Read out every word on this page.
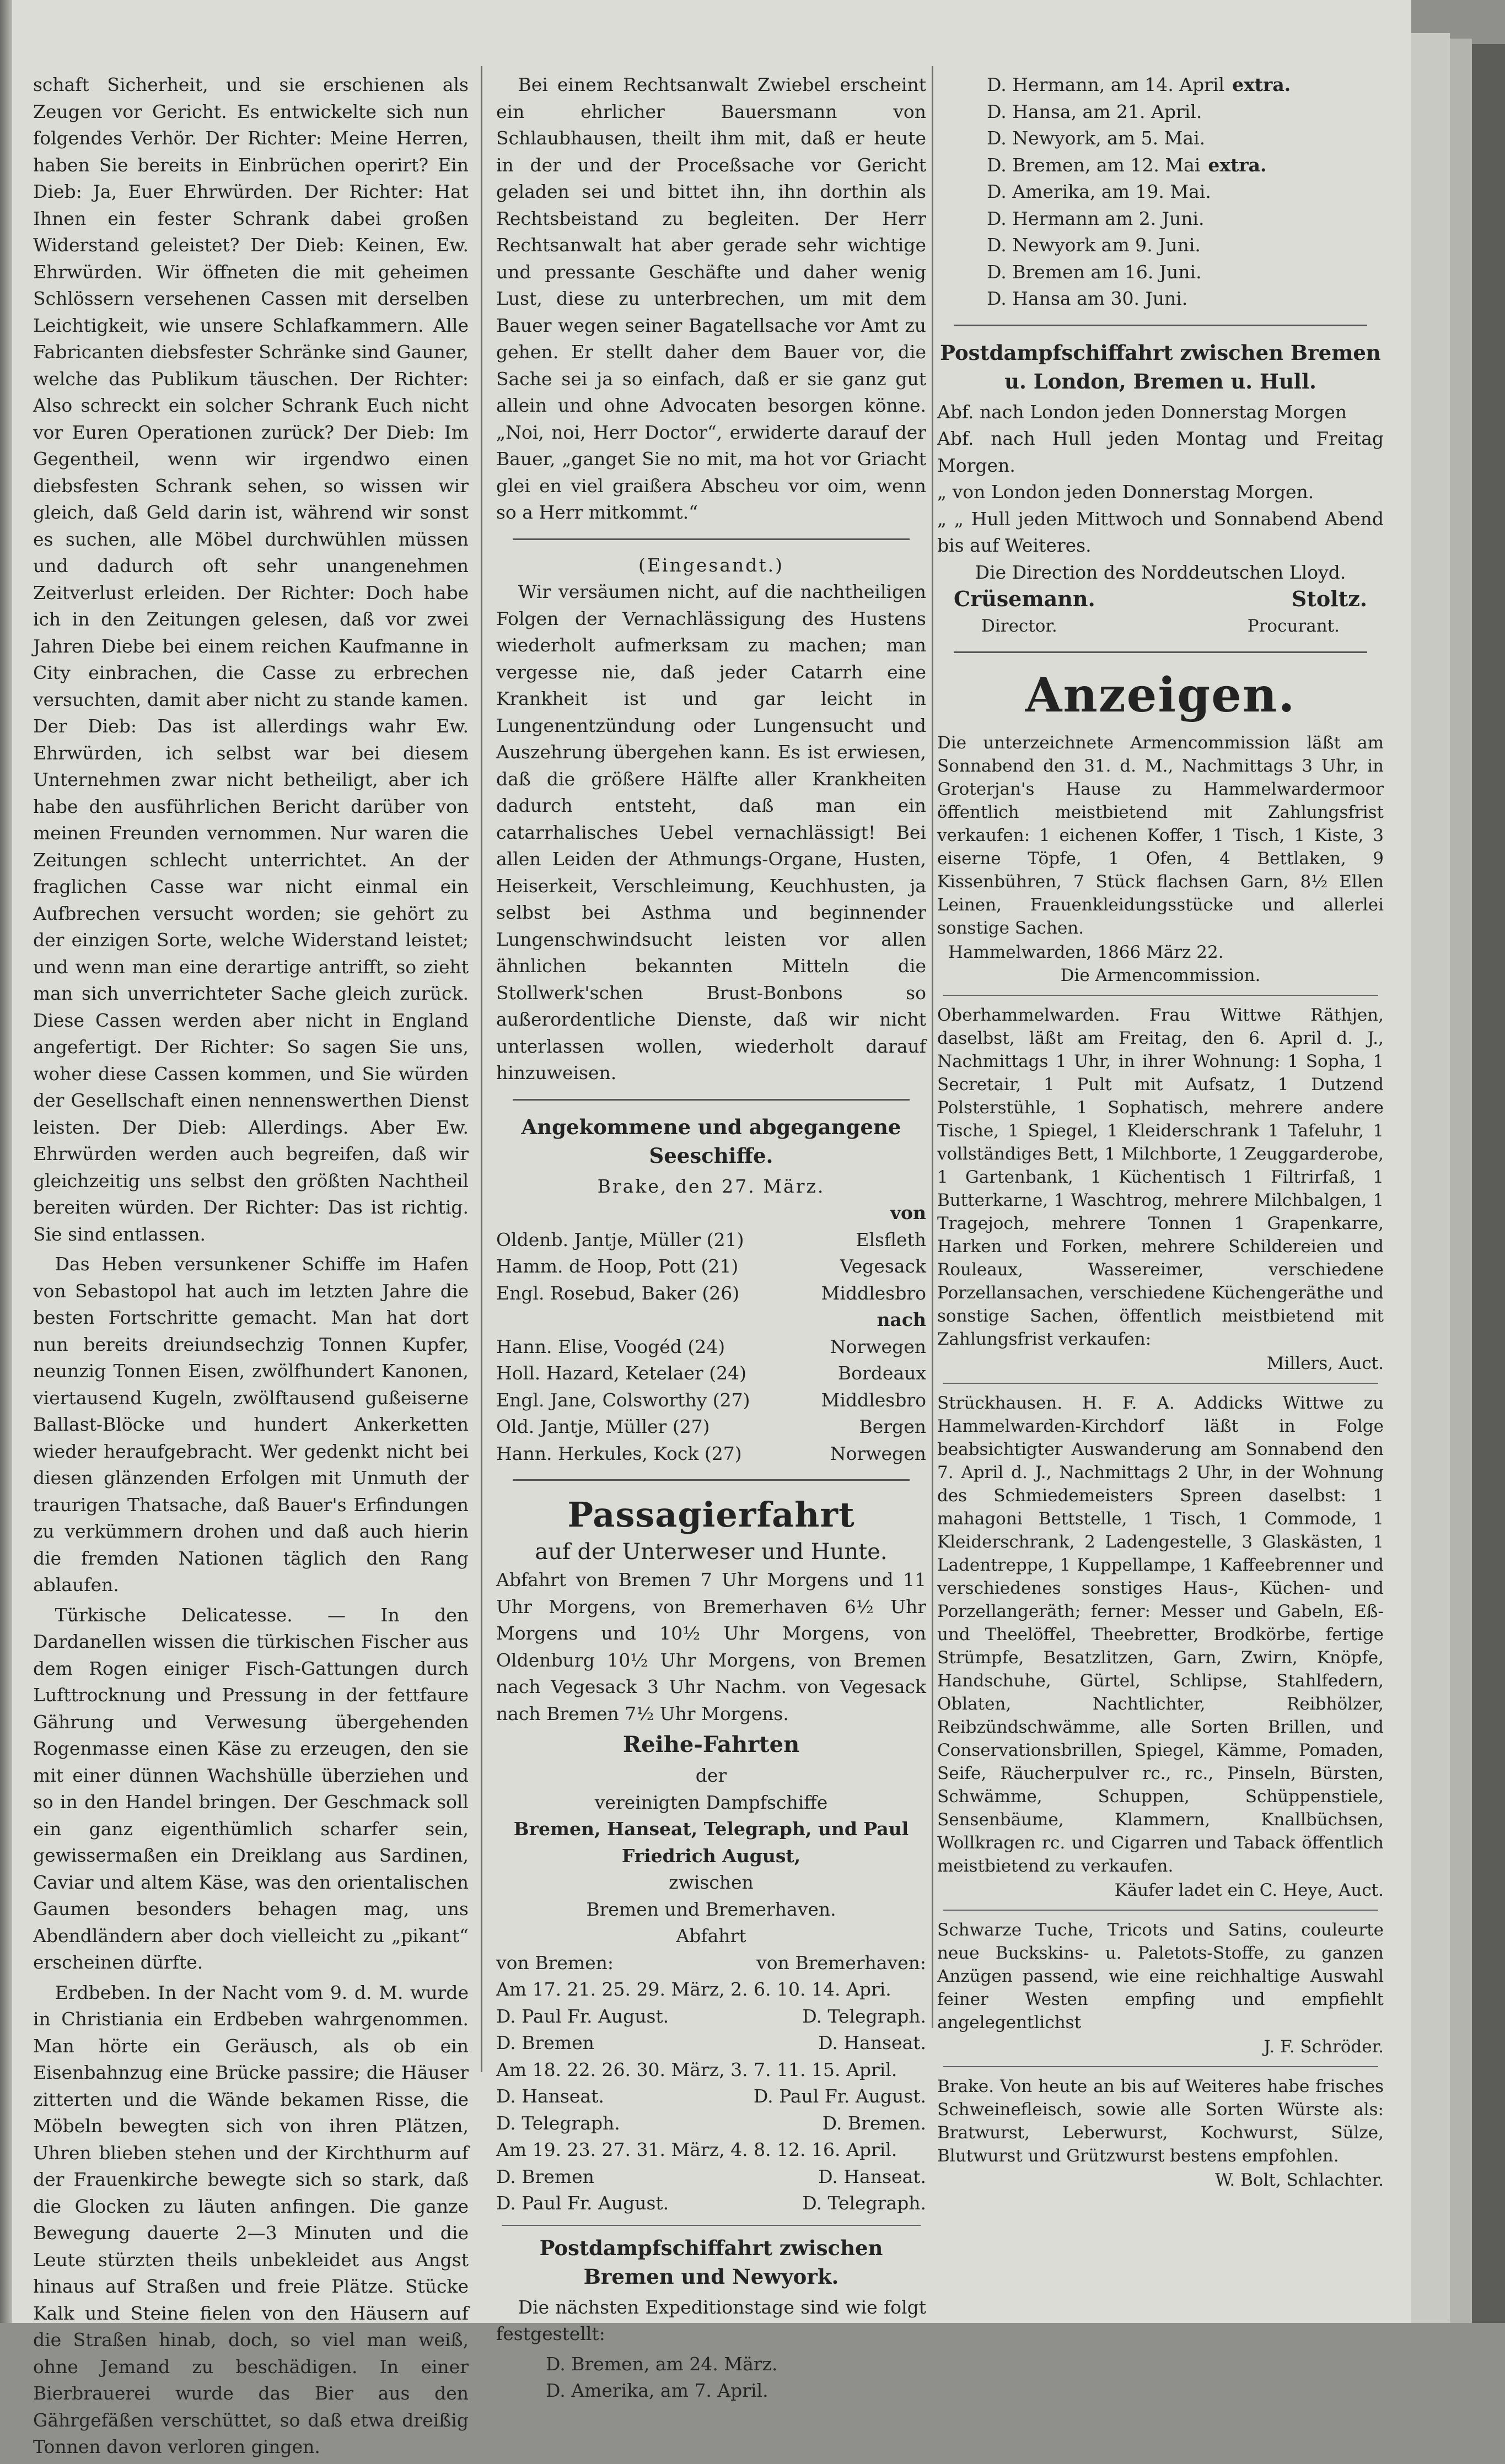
schaft Sicherheit, und sie erschienen als Zeugen vor Gericht. Es entwickelte sich nun folgendes Verhör. Der Richter: Meine Herren, haben Sie bereits in Einbrüchen operirt? Ein Dieb: Ja, Euer Ehrwürden. Der Richter: Hat Ihnen ein fester Schrank dabei großen Widerstand geleistet? Der Dieb: Keinen, Ew. Ehrwürden. Wir öffneten die mit geheimen Schlössern versehenen Cassen mit derselben Leichtigkeit, wie unsere Schlafkammern. Alle Fabricanten diebsfester Schränke sind Gauner, welche das Publikum täuschen. Der Richter: Also schreckt ein solcher Schrank Euch nicht vor Euren Operationen zurück? Der Dieb: Im Gegentheil, wenn wir irgendwo einen diebsfesten Schrank sehen, so wissen wir gleich, daß Geld darin ist, während wir sonst es suchen, alle Möbel durchwühlen müssen und dadurch oft sehr unangenehmen Zeitverlust erleiden. Der Richter: Doch habe ich in den Zeitungen gelesen, daß vor zwei Jahren Diebe bei einem reichen Kaufmanne in City einbrachen, die Casse zu erbrechen versuchten, damit aber nicht zu stande kamen. Der Dieb: Das ist allerdings wahr Ew. Ehrwürden, ich selbst war bei diesem Unternehmen zwar nicht betheiligt, aber ich habe den ausführlichen Bericht darüber von meinen Freunden vernommen. Nur waren die Zeitungen schlecht unterrichtet. An der fraglichen Casse war nicht einmal ein Aufbrechen versucht worden; sie gehört zu der einzigen Sorte, welche Widerstand leistet; und wenn man eine derartige antrifft, so zieht man sich unverrichteter Sache gleich zurück. Diese Cassen werden aber nicht in England angefertigt. Der Richter: So sagen Sie uns, woher diese Cassen kommen, und Sie würden der Gesellschaft einen nennenswerthen Dienst leisten. Der Dieb: Allerdings. Aber Ew. Ehrwürden werden auch begreifen, daß wir gleichzeitig uns selbst den größten Nachtheil bereiten würden. Der Richter: Das ist richtig. Sie sind entlassen.

Das Heben versunkener Schiffe im Hafen von Sebastopol hat auch im letzten Jahre die besten Fortschritte gemacht. Man hat dort nun bereits dreiundsechzig Tonnen Kupfer, neunzig Tonnen Eisen, zwölfhundert Kanonen, viertausend Kugeln, zwölftausend gußeiserne Ballast-Blöcke und hundert Ankerketten wieder heraufgebracht. Wer gedenkt nicht bei diesen glänzenden Erfolgen mit Unmuth der traurigen Thatsache, daß Bauer's Erfindungen zu verkümmern drohen und daß auch hierin die fremden Nationen täglich den Rang ablaufen.

Türkische Delicatesse. — In den Dardanellen wissen die türkischen Fischer aus dem Rogen einiger Fisch-Gattungen durch Lufttrocknung und Pressung in der fettfaure Gährung und Verwesung übergehenden Rogenmasse einen Käse zu erzeugen, den sie mit einer dünnen Wachshülle überziehen und so in den Handel bringen. Der Geschmack soll ein ganz eigenthümlich scharfer sein, gewissermaßen ein Dreiklang aus Sardinen, Caviar und altem Käse, was den orientalischen Gaumen besonders behagen mag, uns Abendländern aber doch vielleicht zu „pikant“ erscheinen dürfte.

Erdbeben. In der Nacht vom 9. d. M. wurde in Christiania ein Erdbeben wahrgenommen. Man hörte ein Geräusch, als ob ein Eisenbahnzug eine Brücke passire; die Häuser zitterten und die Wände bekamen Risse, die Möbeln bewegten sich von ihren Plätzen, Uhren blieben stehen und der Kirchthurm auf der Frauenkirche bewegte sich so stark, daß die Glocken zu läuten anfingen. Die ganze Bewegung dauerte 2—3 Minuten und die Leute stürzten theils unbekleidet aus Angst hinaus auf Straßen und freie Plätze. Stücke Kalk und Steine fielen von den Häusern auf die Straßen hinab, doch, so viel man weiß, ohne Jemand zu beschädigen. In einer Bierbrauerei wurde das Bier aus den Gährgefäßen verschüttet, so daß etwa dreißig Tonnen davon verloren gingen.

Bei einem Rechtsanwalt Zwiebel erscheint ein ehrlicher Bauersmann von Schlaubhausen, theilt ihm mit, daß er heute in der und der Proceßsache vor Gericht geladen sei und bittet ihn, ihn dorthin als Rechtsbeistand zu begleiten. Der Herr Rechtsanwalt hat aber gerade sehr wichtige und pressante Geschäfte und daher wenig Lust, diese zu unterbrechen, um mit dem Bauer wegen seiner Bagatellsache vor Amt zu gehen. Er stellt daher dem Bauer vor, die Sache sei ja so einfach, daß er sie ganz gut allein und ohne Advocaten besorgen könne. „Noi, noi, Herr Doctor“, erwiderte darauf der Bauer, „ganget Sie no mit, ma hot vor Griacht glei en viel graißera Abscheu vor oim, wenn so a Herr mitkommt.“

(Eingesandt.)

Wir versäumen nicht, auf die nachtheiligen Folgen der Vernachlässigung des Hustens wiederholt aufmerksam zu machen; man vergesse nie, daß jeder Catarrh eine Krankheit ist und gar leicht in Lungenentzündung oder Lungensucht und Auszehrung übergehen kann. Es ist erwiesen, daß die größere Hälfte aller Krankheiten dadurch entsteht, daß man ein catarrhalisches Uebel vernachlässigt! Bei allen Leiden der Athmungs-Organe, Husten, Heiserkeit, Verschleimung, Keuchhusten, ja selbst bei Asthma und beginnender Lungenschwindsucht leisten vor allen ähnlichen bekannten Mitteln die Stollwerk'schen Brust-Bonbons so außerordentliche Dienste, daß wir nicht unterlassen wollen, wiederholt darauf hinzuweisen.

Angekommene und abgegangene Seeschiffe.
Brake, den 27. März.
von
Oldenb. Jantje, Müller (21)	Elsfleth
Hamm. de Hoop, Pott (21)	Vegesack
Engl. Rosebud, Baker (26)	Middlesbro
nach
Hann. Elise, Voogéd (24)	Norwegen
Holl. Hazard, Ketelaer (24)	Bordeaux
Engl. Jane, Colsworthy (27)	Middlesbro
Old. Jantje, Müller (27)	Bergen
Hann. Herkules, Kock (27)	Norwegen
Passagierfahrt
auf der Unterweser und Hunte.

Abfahrt von Bremen 7 Uhr Morgens und 11 Uhr Morgens, von Bremerhaven 6½ Uhr Morgens und 10½ Uhr Morgens, von Oldenburg 10½ Uhr Morgens, von Bremen nach Vegesack 3 Uhr Nachm. von Vegesack nach Bremen 7½ Uhr Morgens.

Reihe-Fahrten
der
vereinigten Dampfschiffe
Bremen, Hanseat, Telegraph, und Paul Friedrich August,
zwischen
Bremen und Bremerhaven.
Abfahrt
von Bremen:	von Bremerhaven:
Am 17. 21. 25. 29. März, 2. 6. 10. 14. Apri.
D. Paul Fr. August.	D. Telegraph.
D. Bremen	D. Hanseat.
Am 18. 22. 26. 30. März, 3. 7. 11. 15. April.
D. Hanseat.	D. Paul Fr. August.
D. Telegraph.	D. Bremen.
Am 19. 23. 27. 31. März, 4. 8. 12. 16. April.
D. Bremen	D. Hanseat.
D. Paul Fr. August.	D. Telegraph.
Postdampfschiffahrt zwischen Bremen und Newyork.

Die nächsten Expeditionstage sind wie folgt festgestellt:

D. Bremen, am 24. März.
D. Amerika, am 7. April.
D. Hermann, am 14. April extra.
D. Hansa, am 21. April.
D. Newyork, am 5. Mai.
D. Bremen, am 12. Mai extra.
D. Amerika, am 19. Mai.
D. Hermann am 2. Juni.
D. Newyork am 9. Juni.
D. Bremen am 16. Juni.
D. Hansa am 30. Juni.
Postdampfschiffahrt zwischen Bremen u. London, Bremen u. Hull.
Abf. nach London jeden Donnerstag Morgen
Abf. nach Hull jeden Montag und Freitag Morgen.
„ von London jeden Donnerstag Morgen.
„ „ Hull jeden Mittwoch und Sonnabend Abend bis auf Weiteres.
Die Direction des Norddeutschen Lloyd.
Crüsemann.	Stoltz.
Director.	Procurant.
Anzeigen.

Die unterzeichnete Armencommission läßt am Sonnabend den 31. d. M., Nachmittags 3 Uhr, in Groterjan's Hause zu Hammelwardermoor öffentlich meistbietend mit Zahlungsfrist verkaufen: 1 eichenen Koffer, 1 Tisch, 1 Kiste, 3 eiserne Töpfe, 1 Ofen, 4 Bettlaken, 9 Kissenbühren, 7 Stück flachsen Garn, 8½ Ellen Leinen, Frauenkleidungsstücke und allerlei sonstige Sachen.

Hammelwarden, 1866 März 22.
Die Armencommission.

Oberhammelwarden. Frau Wittwe Räthjen, daselbst, läßt am Freitag, den 6. April d. J., Nachmittags 1 Uhr, in ihrer Wohnung: 1 Sopha, 1 Secretair, 1 Pult mit Aufsatz, 1 Dutzend Polsterstühle, 1 Sophatisch, mehrere andere Tische, 1 Spiegel, 1 Kleiderschrank 1 Tafeluhr, 1 vollständiges Bett, 1 Milchborte, 1 Zeuggarderobe, 1 Gartenbank, 1 Küchentisch 1 Filtrirfaß, 1 Butterkarne, 1 Waschtrog, mehrere Milchbalgen, 1 Tragejoch, mehrere Tonnen 1 Grapenkarre, Harken und Forken, mehrere Schildereien und Rouleaux, Wassereimer, verschiedene Porzellansachen, verschiedene Küchengeräthe und sonstige Sachen, öffentlich meistbietend mit Zahlungsfrist verkaufen:

Millers, Auct.

Strückhausen. H. F. A. Addicks Wittwe zu Hammelwarden-Kirchdorf läßt in Folge beabsichtigter Auswanderung am Sonnabend den 7. April d. J., Nachmittags 2 Uhr, in der Wohnung des Schmiedemeisters Spreen daselbst: 1 mahagoni Bettstelle, 1 Tisch, 1 Commode, 1 Kleiderschrank, 2 Ladengestelle, 3 Glaskästen, 1 Ladentreppe, 1 Kuppellampe, 1 Kaffeebrenner und verschiedenes sonstiges Haus-, Küchen- und Porzellangeräth; ferner: Messer und Gabeln, Eß- und Theelöffel, Theebretter, Brodkörbe, fertige Strümpfe, Besatzlitzen, Garn, Zwirn, Knöpfe, Handschuhe, Gürtel, Schlipse, Stahlfedern, Oblaten, Nachtlichter, Reibhölzer, Reibzündschwämme, alle Sorten Brillen, und Conservationsbrillen, Spiegel, Kämme, Pomaden, Seife, Räucherpulver rc., rc., Pinseln, Bürsten, Schwämme, Schuppen, Schüppenstiele, Sensenbäume, Klammern, Knallbüchsen, Wollkragen rc. und Cigarren und Taback öffentlich meistbietend zu verkaufen.

Käufer ladet ein C. Heye, Auct.

Schwarze Tuche, Tricots und Satins, couleurte neue Buckskins- u. Paletots-Stoffe, zu ganzen Anzügen passend, wie eine reichhaltige Auswahl feiner Westen empfing und empfiehlt angelegentlichst

J. F. Schröder.

Brake. Von heute an bis auf Weiteres habe frisches Schweinefleisch, sowie alle Sorten Würste als: Bratwurst, Leberwurst, Kochwurst, Sülze, Blutwurst und Grützwurst bestens empfohlen.

W. Bolt, Schlachter.
